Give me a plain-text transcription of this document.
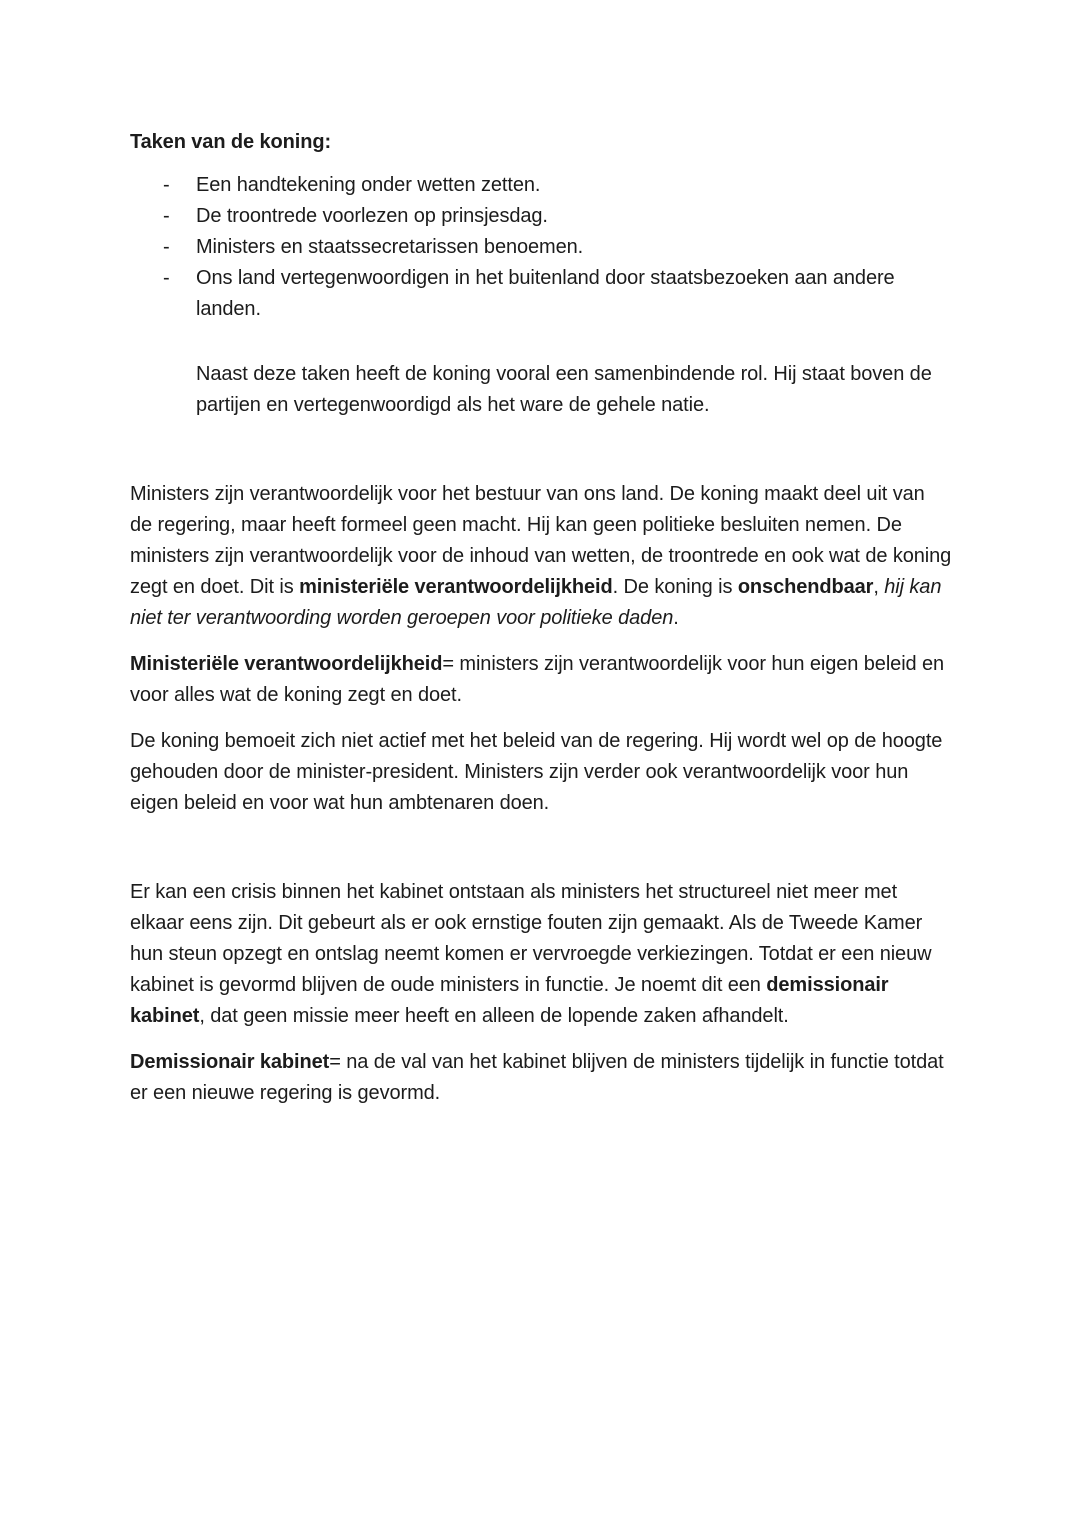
Taken van de koning:

- Een handtekening onder wetten zetten.
- De troontrede voorlezen op prinsjesdag.
- Ministers en staatssecretarissen benoemen.
- Ons land vertegenwoordigen in het buitenland door staatsbezoeken aan andere landen.

Naast deze taken heeft de koning vooral een samenbindende rol. Hij staat boven de partijen en vertegenwoordigd als het ware de gehele natie.

Ministers zijn verantwoordelijk voor het bestuur van ons land. De koning maakt deel uit van de regering, maar heeft formeel geen macht. Hij kan geen politieke besluiten nemen. De ministers zijn verantwoordelijk voor de inhoud van wetten, de troontrede en ook wat de koning zegt en doet. Dit is ministeriële verantwoordelijkheid. De koning is onschendbaar, hij kan niet ter verantwoording worden geroepen voor politieke daden.

Ministeriële verantwoordelijkheid= ministers zijn verantwoordelijk voor hun eigen beleid en voor alles wat de koning zegt en doet.

De koning bemoeit zich niet actief met het beleid van de regering. Hij wordt wel op de hoogte gehouden door de minister-president. Ministers zijn verder ook verantwoordelijk voor hun eigen beleid en voor wat hun ambtenaren doen.

Er kan een crisis binnen het kabinet ontstaan als ministers het structureel niet meer met elkaar eens zijn. Dit gebeurt als er ook ernstige fouten zijn gemaakt. Als de Tweede Kamer hun steun opzegt en ontslag neemt komen er vervroegde verkiezingen. Totdat er een nieuw kabinet is gevormd blijven de oude ministers in functie. Je noemt dit een demissionair kabinet, dat geen missie meer heeft en alleen de lopende zaken afhandelt.

Demissionair kabinet= na de val van het kabinet blijven de ministers tijdelijk in functie totdat er een nieuwe regering is gevormd.
